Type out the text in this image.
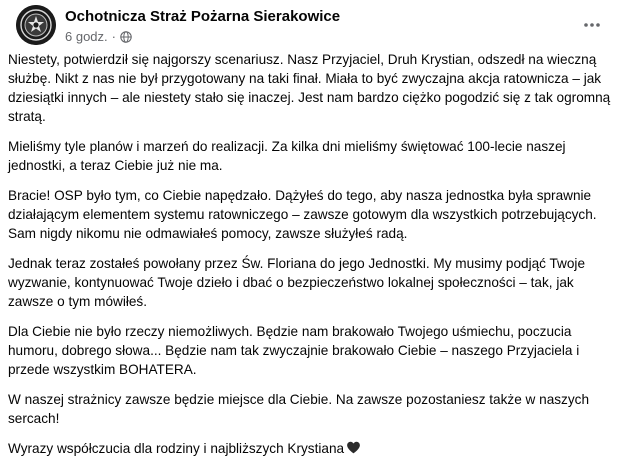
Ochotnicza Straż Pożarna Sierakowice
6 godz. ·

Niestety, potwierdził się najgorszy scenariusz. Nasz Przyjaciel, Druh Krystian, odszedł na wieczną służbę. Nikt z nas nie był przygotowany na taki finał. Miała to być zwyczajna akcja ratownicza – jak dziesiątki innych – ale niestety stało się inaczej. Jest nam bardzo ciężko pogodzić się z tak ogromną stratą.

Mieliśmy tyle planów i marzeń do realizacji. Za kilka dni mieliśmy świętować 100-lecie naszej jednostki, a teraz Ciebie już nie ma.

Bracie! OSP było tym, co Ciebie napędzało. Dążyłeś do tego, aby nasza jednostka była sprawnie działającym elementem systemu ratowniczego – zawsze gotowym dla wszystkich potrzebujących. Sam nigdy nikomu nie odmawiałeś pomocy, zawsze służyłeś radą.

Jednak teraz zostałeś powołany przez Św. Floriana do jego Jednostki. My musimy podjąć Twoje wyzwanie, kontynuować Twoje dzieło i dbać o bezpieczeństwo lokalnej społeczności – tak, jak zawsze o tym mówiłeś.

Dla Ciebie nie było rzeczy niemożliwych. Będzie nam brakowało Twojego uśmiechu, poczucia humoru, dobrego słowa... Będzie nam tak zwyczajnie brakowało Ciebie – naszego Przyjaciela i przede wszystkim BOHATERA.

W naszej strażnicy zawsze będzie miejsce dla Ciebie. Na zawsze pozostaniesz także w naszych sercach!

Wyrazy współczucia dla rodziny i najbliższych Krystiana
